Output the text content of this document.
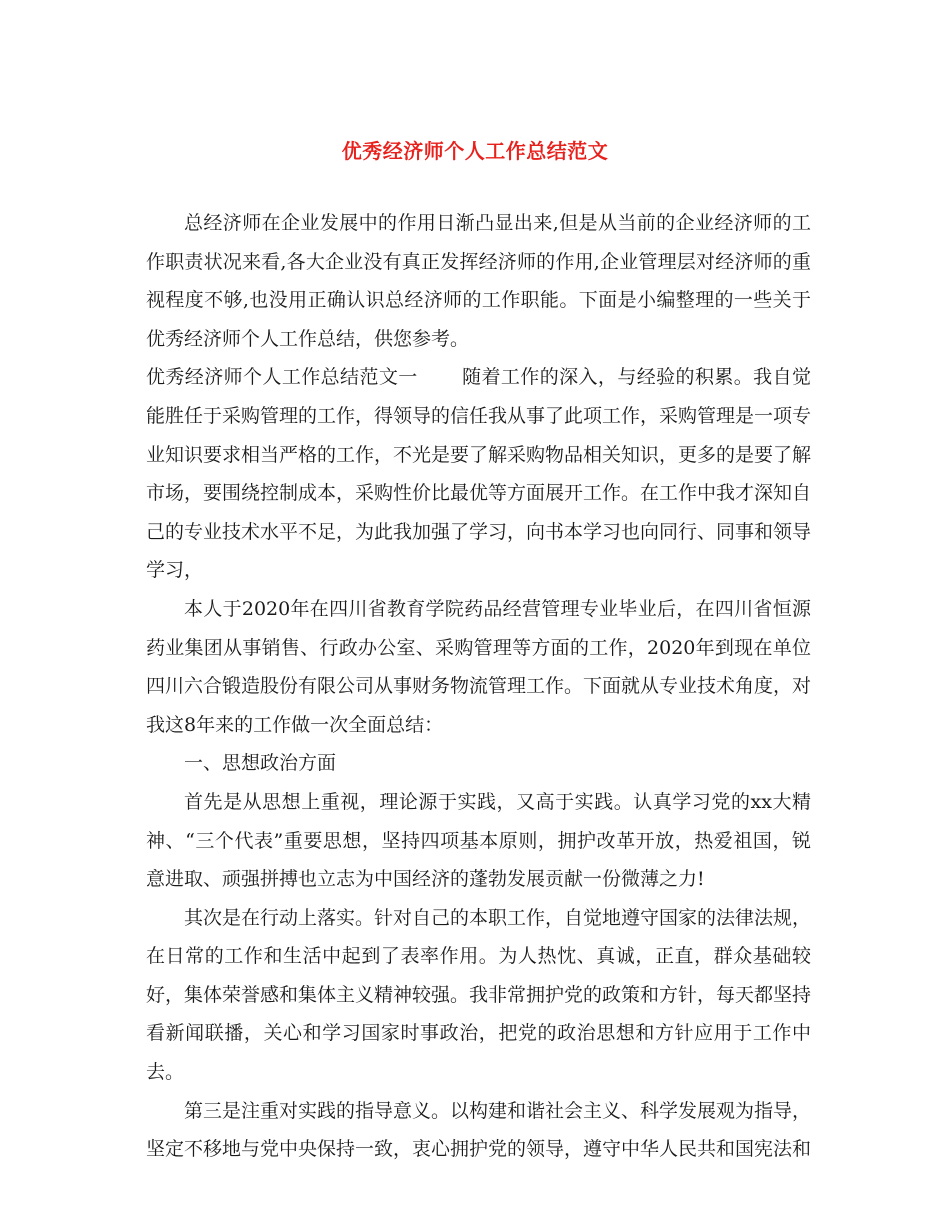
优秀经济师个人工作总结范文

总经济师在企业发展中的作用日渐凸显出来,但是从当前的企业经济师的工作职责状况来看,各大企业没有真正发挥经济师的作用,企业管理层对经济师的重视程度不够,也没用正确认识总经济师的工作职能。下面是小编整理的一些关于优秀经济师个人工作总结，供您参考。

优秀经济师个人工作总结范文一 随着工作的深入，与经验的积累。我自觉能胜任于采购管理的工作，得领导的信任我从事了此项工作，采购管理是一项专业知识要求相当严格的工作，不光是要了解采购物品相关知识，更多的是要了解市场，要围绕控制成本，采购性价比最优等方面展开工作。在工作中我才深知自己的专业技术水平不足，为此我加强了学习，向书本学习也向同行、同事和领导学习，

本人于2020年在四川省教育学院药品经营管理专业毕业后，在四川省恒源药业集团从事销售、行政办公室、采购管理等方面的工作，2020年到现在单位四川六合锻造股份有限公司从事财务物流管理工作。下面就从专业技术角度，对我这8年来的工作做一次全面总结：

一、思想政治方面

首先是从思想上重视，理论源于实践，又高于实践。认真学习党的xx大精神、“三个代表”重要思想，坚持四项基本原则，拥护改革开放，热爱祖国，锐意进取、顽强拼搏也立志为中国经济的蓬勃发展贡献一份微薄之力!

其次是在行动上落实。针对自己的本职工作，自觉地遵守国家的法律法规，在日常的工作和生活中起到了表率作用。为人热忱、真诚，正直，群众基础较好，集体荣誉感和集体主义精神较强。我非常拥护党的政策和方针，每天都坚持看新闻联播，关心和学习国家时事政治，把党的政治思想和方针应用于工作中去。

第三是注重对实践的指导意义。以构建和谐社会主义、科学发展观为指导，坚定不移地与党中央保持一致，衷心拥护党的领导，遵守中华人民共和国宪法和
